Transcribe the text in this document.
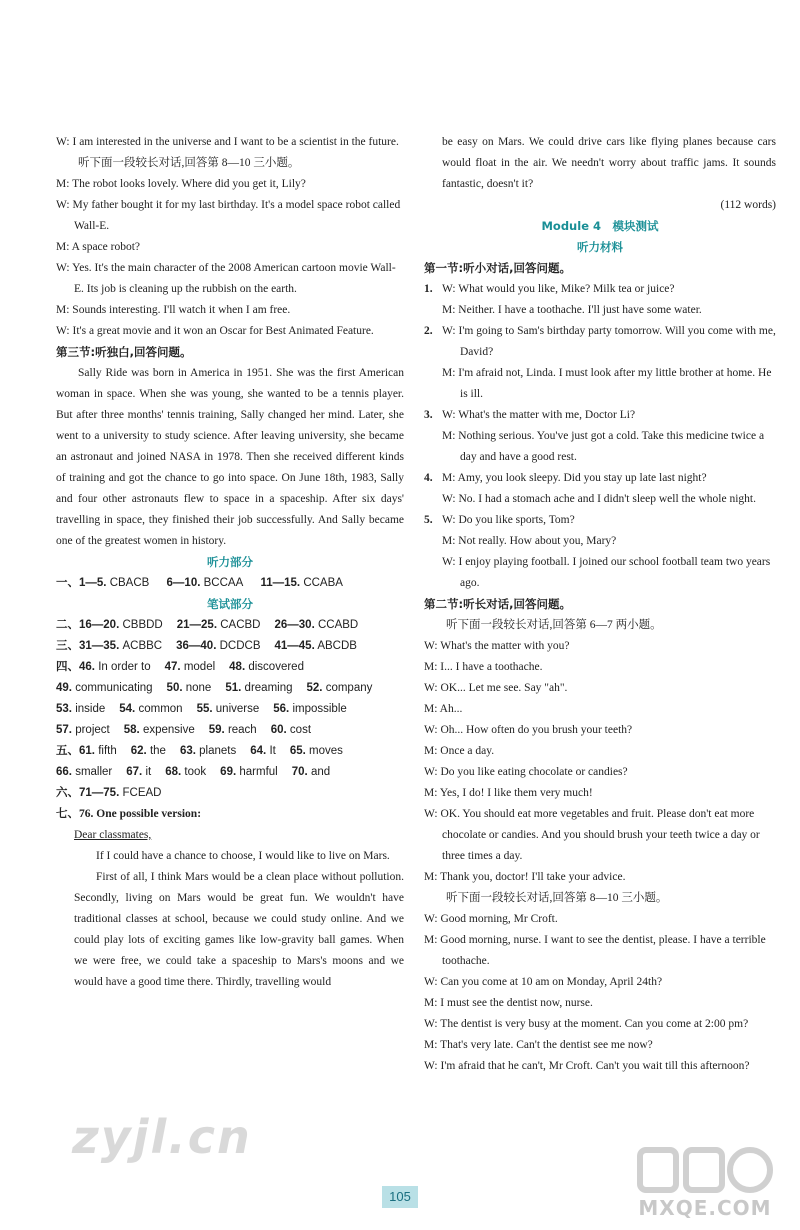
W: I am interested in the universe and I want to be a scientist in the future.

听下面一段较长对话,回答第 8—10 三小题。

M: The robot looks lovely. Where did you get it, Lily?

W: My father bought it for my last birthday. It's a model space robot called Wall-E.

M: A space robot?

W: Yes. It's the main character of the 2008 American cartoon movie Wall-E. Its job is cleaning up the rubbish on the earth.

M: Sounds interesting. I'll watch it when I am free.

W: It's a great movie and it won an Oscar for Best Animated Feature.

第三节:听独白,回答问题。

Sally Ride was born in America in 1951. She was the first American woman in space. When she was young, she wanted to be a tennis player. But after three months' tennis training, Sally changed her mind. Later, she went to a university to study science. After leaving university, she became an astronaut and joined NASA in 1978. Then she received different kinds of training and got the chance to go into space. On June 18th, 1983, Sally and four other astronauts flew to space in a spaceship. After six days' travelling in space, they finished their job successfully. And Sally became one of the greatest women in history.

听力部分

一、1—5. CBACB 6—10. BCCAA 11—15. CCABA

笔试部分

二、16—20. CBBDD 21—25. CACBD 26—30. CCABD

三、31—35. ACBBC 36—40. DCDCB 41—45. ABCDB

四、46. In order to 47. model 48. discovered

49. communicating 50. none 51. dreaming 52. company

53. inside 54. common 55. universe 56. impossible

57. project 58. expensive 59. reach 60. cost

五、61. fifth 62. the 63. planets 64. It 65. moves

66. smaller 67. it 68. took 69. harmful 70. and

六、71—75. FCEAD

七、76. One possible version:

Dear classmates,

If I could have a chance to choose, I would like to live on Mars.

First of all, I think Mars would be a clean place without pollution. Secondly, living on Mars would be great fun. We wouldn't have traditional classes at school, because we could study online. And we could play lots of exciting games like low-gravity ball games. When we were free, we could take a spaceship to Mars's moons and we would have a good time there. Thirdly, travelling would

be easy on Mars. We could drive cars like flying planes because cars would float in the air. We needn't worry about traffic jams. It sounds fantastic, doesn't it?

(112 words)

Module 4　模块测试

听力材料

第一节:听小对话,回答问题。

1. W: What would you like, Mike? Milk tea or juice?

M: Neither. I have a toothache. I'll just have some water.

2. W: I'm going to Sam's birthday party tomorrow. Will you come with me, David?

M: I'm afraid not, Linda. I must look after my little brother at home. He is ill.

3. W: What's the matter with me, Doctor Li?

M: Nothing serious. You've just got a cold. Take this medicine twice a day and have a good rest.

4. M: Amy, you look sleepy. Did you stay up late last night?

W: No. I had a stomach ache and I didn't sleep well the whole night.

5. W: Do you like sports, Tom?

M: Not really. How about you, Mary?

W: I enjoy playing football. I joined our school football team two years ago.

第二节:听长对话,回答问题。

听下面一段较长对话,回答第 6—7 两小题。

W: What's the matter with you?

M: I... I have a toothache.

W: OK... Let me see. Say "ah".

M: Ah...

W: Oh... How often do you brush your teeth?

M: Once a day.

W: Do you like eating chocolate or candies?

M: Yes, I do! I like them very much!

W: OK. You should eat more vegetables and fruit. Please don't eat more chocolate or candies. And you should brush your teeth twice a day or three times a day.

M: Thank you, doctor! I'll take your advice.

听下面一段较长对话,回答第 8—10 三小题。

W: Good morning, Mr Croft.

M: Good morning, nurse. I want to see the dentist, please. I have a terrible toothache.

W: Can you come at 10 am on Monday, April 24th?

M: I must see the dentist now, nurse.

W: The dentist is very busy at the moment. Can you come at 2:00 pm?

M: That's very late. Can't the dentist see me now?

W: I'm afraid that he can't, Mr Croft. Can't you wait till this afternoon?

105
zyjl.cn
MXQE.COM
